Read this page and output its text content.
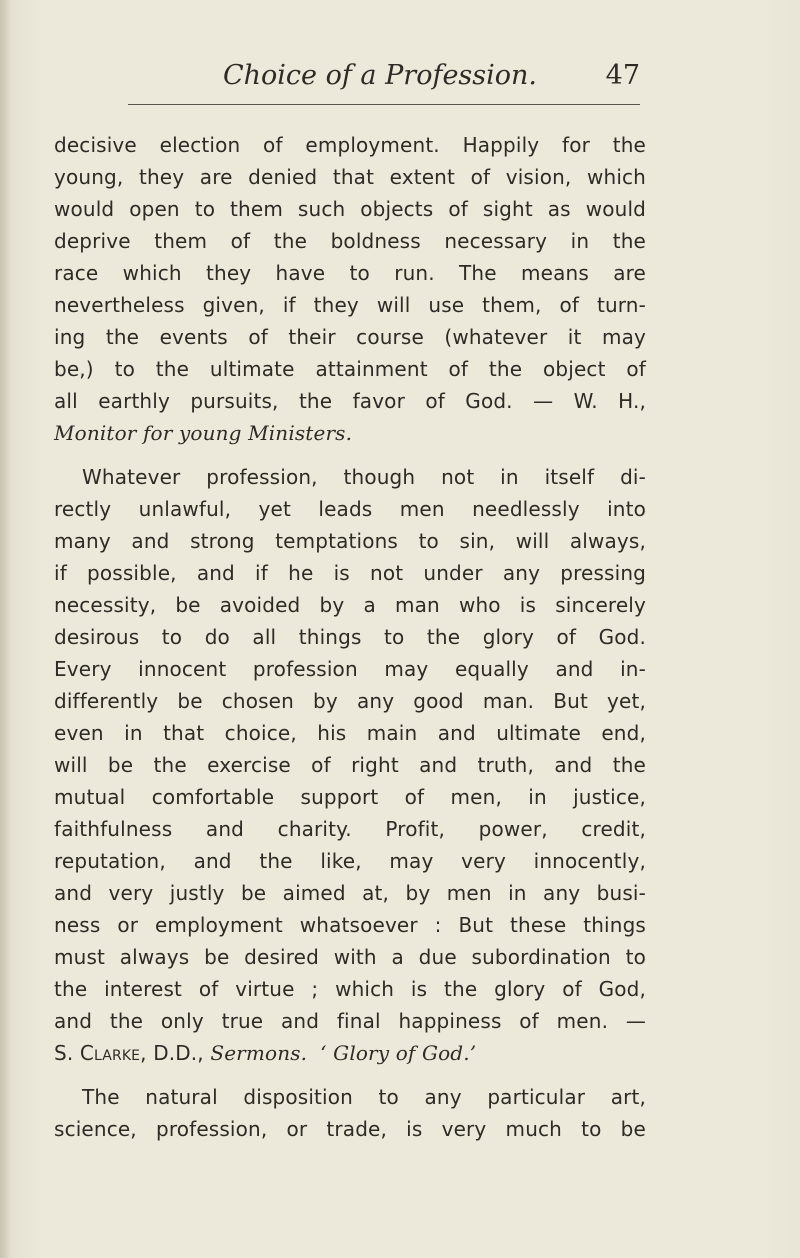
Choice of a Profession.	47
decisive election of employment. Happily for the
young, they are denied that extent of vision, which
would open to them such objects of sight as would
deprive them of the boldness necessary in the
race which they have to run. The means are
nevertheless given, if they will use them, of turn-
ing the events of their course (whatever it may
be,) to the ultimate attainment of the object of
all earthly pursuits, the favor of God. — W. H.,
Monitor for young Ministers.
Whatever profession, though not in itself di-
rectly unlawful, yet leads men needlessly into
many and strong temptations to sin, will always,
if possible, and if he is not under any pressing
necessity, be avoided by a man who is sincerely
desirous to do all things to the glory of God.
Every innocent profession may equally and in-
differently be chosen by any good man. But yet,
even in that choice, his main and ultimate end,
will be the exercise of right and truth, and the
mutual comfortable support of men, in justice,
faithfulness and charity. Profit, power, credit,
reputation, and the like, may very innocently,
and very justly be aimed at, by men in any busi-
ness or employment whatsoever : But these things
must always be desired with a due subordination to
the interest of virtue ; which is the glory of God,
and the only true and final happiness of men. —
S. Clarke, D.D., Sermons. ‘ Glory of God.’
The natural disposition to any particular art,
science, profession, or trade, is very much to be
